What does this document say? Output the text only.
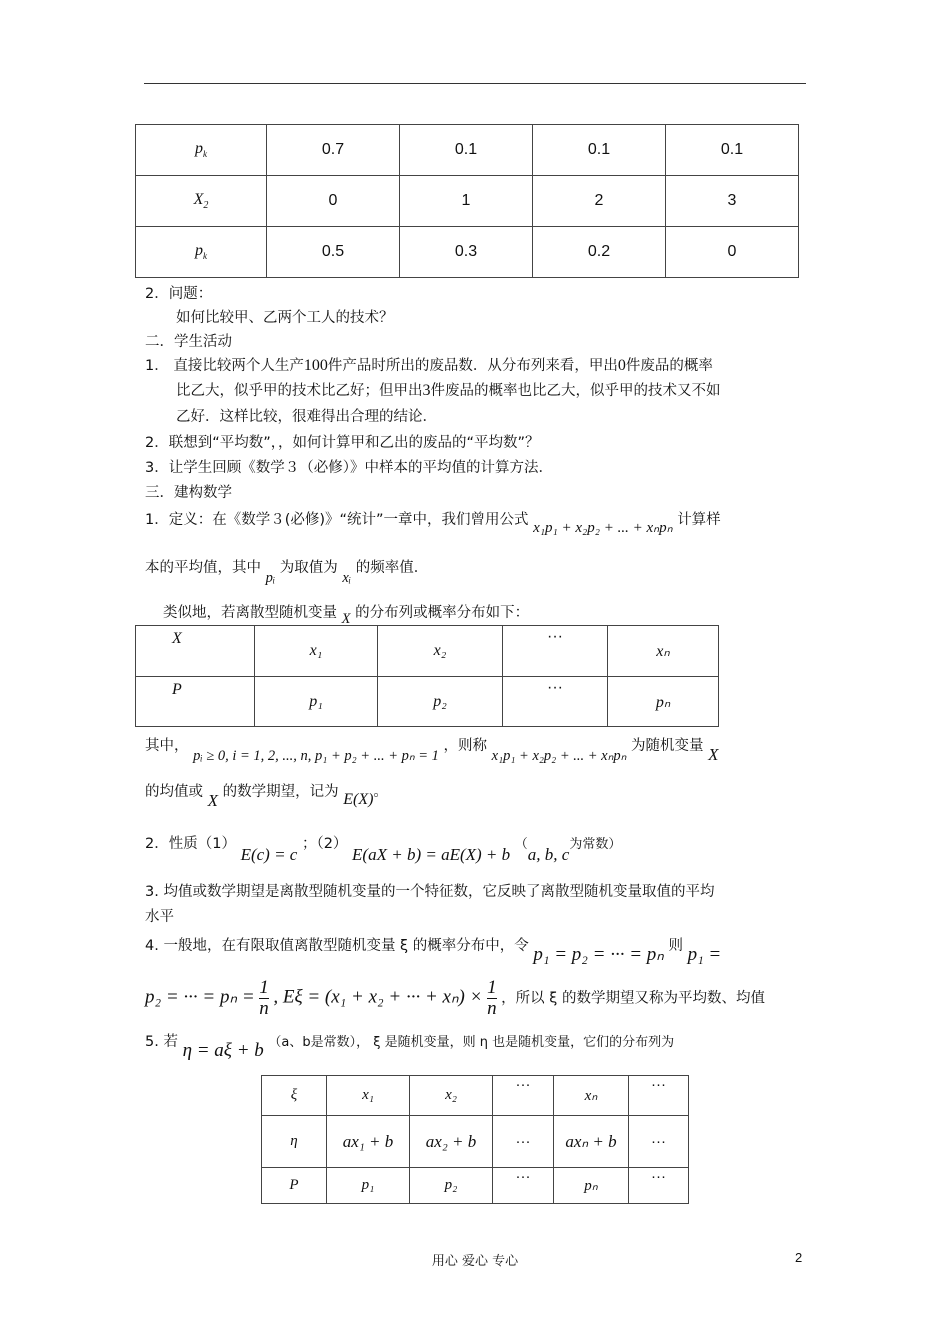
$p_k$	0.7	0.1	0.1	0.1
$X_2$	0	1	2	3
$p_k$	0.5	0.3	0.2	0
2．问题：
如何比较甲、乙两个工人的技术？
二．学生活动
1． 直接比较两个人生产100件产品时所出的废品数．从分布列来看，甲出0件废品的概率
比乙大，似乎甲的技术比乙好；但甲出3件废品的概率也比乙大，似乎甲的技术又不如
乙好．这样比较，很难得出合理的结论．
2．联想到“平均数”，，如何计算甲和乙出的废品的“平均数”？
3．让学生回顾《数学３（必修）》中样本的平均值的计算方法．
三．建构数学
1．定义：在《数学３(必修)》“统计”一章中，我们曾用公式 x₁p₁ + x₂p₂ + ... + xₙpₙ 计算样
本的平均值，其中 pᵢ 为取值为 xᵢ 的频率值．
类似地，若离散型随机变量 X 的分布列或概率分布如下：
X	x₁	x₂	···	xₙ
P	p₁	p₂	···	pₙ
其中， pᵢ ≥ 0, i = 1, 2, ..., n, p₁ + p₂ + ... + pₙ = 1 ，则称 x₁p₁ + x₂p₂ + ... + xₙpₙ 为随机变量 X
的均值或 X 的数学期望，记为 E(X)。
2．性质（1） E(c) = c ；（2） E(aX + b) = aE(X) + b （a, b, c为常数）
3. 均值或数学期望是离散型随机变量的一个特征数，它反映了离散型随机变量取值的平均
水平
4. 一般地，在有限取值离散型随机变量 ξ 的概率分布中，令 p₁ = p₂ = ··· = pₙ 则 p₁ =
p₂ = ··· = $p_n = \frac{1}{n}$ , Eξ = (x₁ + x₂ + ··· + $x_n) \times \frac{1}{n}$ ，所以 ξ 的数学期望又称为平均数、均值
5. 若 η = aξ + b （a、b是常数）， ξ 是随机变量，则 η 也是随机变量，它们的分布列为
ξ	x₁	x₂	···	xₙ	···
η	ax₁ + b	ax₂ + b	···	axₙ + b	···
P	p₁	p₂	···	pₙ	···
用心 爱心 专心	2
